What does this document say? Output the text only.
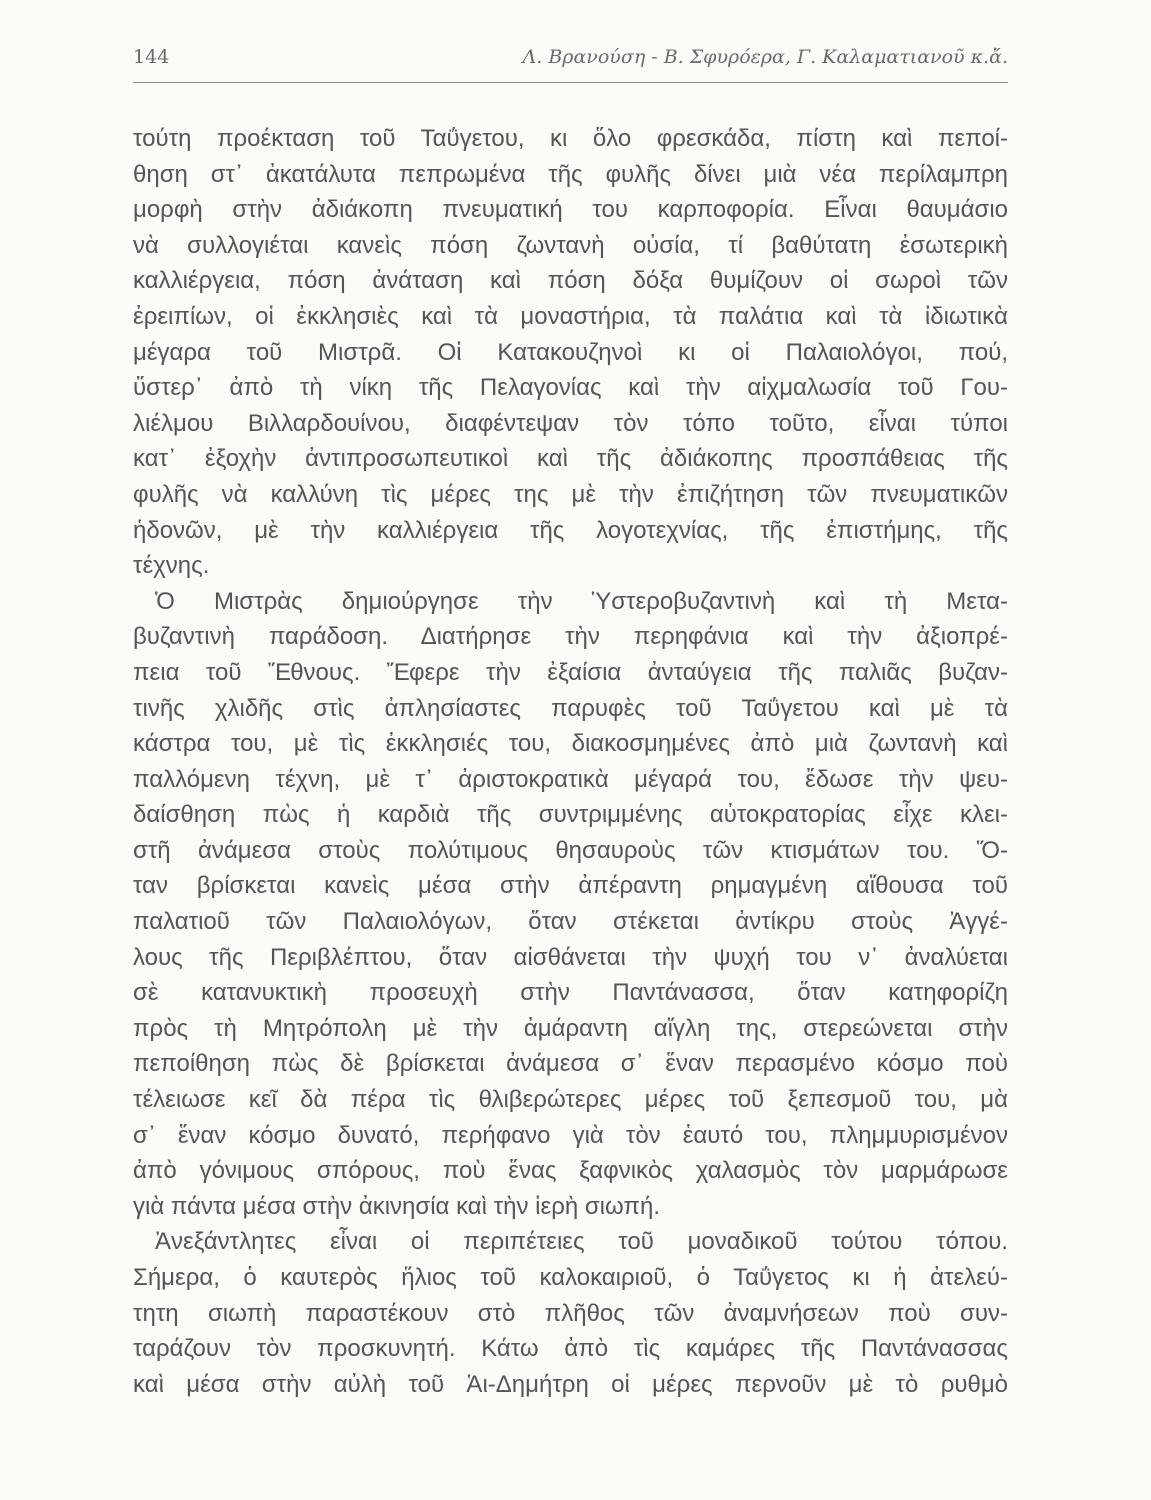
144	Λ. Βρανούση - Β. Σφυρόερα, Γ. Καλαματιανοῦ κ.ἄ.
τούτη προέκταση τοῦ Ταΰγετου, κι ὅλο φρεσκάδα, πίστη καὶ πεποί-
θηση στ᾽ ἀκατάλυτα πεπρωμένα τῆς φυλῆς δίνει μιὰ νέα περίλαμπρη
μορφὴ στὴν ἀδιάκοπη πνευματική του καρποφορία. Εἶναι θαυμάσιο
νὰ συλλογιέται κανεὶς πόση ζωντανὴ οὐσία, τί βαθύτατη ἐσωτερικὴ
καλλιέργεια, πόση ἀνάταση καὶ πόση δόξα θυμίζουν οἱ σωροὶ τῶν
ἐρειπίων, οἱ ἐκκλησιὲς καὶ τὰ μοναστήρια, τὰ παλάτια καὶ τὰ ἰδιωτικὰ
μέγαρα τοῦ Μιστρᾶ. Οἱ Κατακουζηνοὶ κι οἱ Παλαιολόγοι, πού,
ὕστερ᾽ ἀπὸ τὴ νίκη τῆς Πελαγονίας καὶ τὴν αἰχμαλωσία τοῦ Γου-
λιέλμου Βιλλαρδουίνου, διαφέντεψαν τὸν τόπο τοῦτο, εἶναι τύποι
κατ᾽ ἐξοχὴν ἀντιπροσωπευτικοὶ καὶ τῆς ἀδιάκοπης προσπάθειας τῆς
φυλῆς νὰ καλλύνη τὶς μέρες της μὲ τὴν ἐπιζήτηση τῶν πνευματικῶν
ἡδονῶν, μὲ τὴν καλλιέργεια τῆς λογοτεχνίας, τῆς ἐπιστήμης, τῆς
τέχνης.
Ὁ Μιστρὰς δημιούργησε τὴν Ὑστεροβυζαντινὴ καὶ τὴ Μετα-
βυζαντινὴ παράδοση. Διατήρησε τὴν περηφάνια καὶ τὴν ἀξιοπρέ-
πεια τοῦ Ἔθνους. Ἔφερε τὴν ἐξαίσια ἀνταύγεια τῆς παλιᾶς βυζαν-
τινῆς χλιδῆς στὶς ἀπλησίαστες παρυφὲς τοῦ Ταΰγετου καὶ μὲ τὰ
κάστρα του, μὲ τὶς ἐκκλησιές του, διακοσμημένες ἀπὸ μιὰ ζωντανὴ καὶ
παλλόμενη τέχνη, μὲ τ᾽ ἀριστοκρατικὰ μέγαρά του, ἔδωσε τὴν ψευ-
δαίσθηση πὼς ἡ καρδιὰ τῆς συντριμμένης αὐτοκρατορίας εἶχε κλει-
στῆ ἀνάμεσα στοὺς πολύτιμους θησαυροὺς τῶν κτισμάτων του. Ὅ-
ταν βρίσκεται κανεὶς μέσα στὴν ἀπέραντη ρημαγμένη αἴθουσα τοῦ
παλατιοῦ τῶν Παλαιολόγων, ὅταν στέκεται ἀντίκρυ στοὺς Ἀγγέ-
λους τῆς Περιβλέπτου, ὅταν αἰσθάνεται τὴν ψυχή του ν᾽ ἀναλύεται
σὲ κατανυκτικὴ προσευχὴ στὴν Παντάνασσα, ὅταν κατηφορίζη
πρὸς τὴ Μητρόπολη μὲ τὴν ἀμάραντη αἴγλη της, στερεώνεται στὴν
πεποίθηση πὼς δὲ βρίσκεται ἀνάμεσα σ᾽ ἕναν περασμένο κόσμο ποὺ
τέλειωσε κεῖ δὰ πέρα τὶς θλιβερώτερες μέρες τοῦ ξεπεσμοῦ του, μὰ
σ᾽ ἕναν κόσμο δυνατό, περήφανο γιὰ τὸν ἑαυτό του, πλημμυρισμένον
ἀπὸ γόνιμους σπόρους, ποὺ ἕνας ξαφνικὸς χαλασμὸς τὸν μαρμάρωσε
γιὰ πάντα μέσα στὴν ἀκινησία καὶ τὴν ἱερὴ σιωπή.
Ἀνεξάντλητες εἶναι οἱ περιπέτειες τοῦ μοναδικοῦ τούτου τόπου.
Σήμερα, ὁ καυτερὸς ἥλιος τοῦ καλοκαιριοῦ, ὁ Ταΰγετος κι ἡ ἀτελεύ-
τητη σιωπὴ παραστέκουν στὸ πλῆθος τῶν ἀναμνήσεων ποὺ συν-
ταράζουν τὸν προσκυνητή. Κάτω ἀπὸ τὶς καμάρες τῆς Παντάνασσας
καὶ μέσα στὴν αὐλὴ τοῦ Ἁι-Δημήτρη οἱ μέρες περνοῦν μὲ τὸ ρυθμὸ
